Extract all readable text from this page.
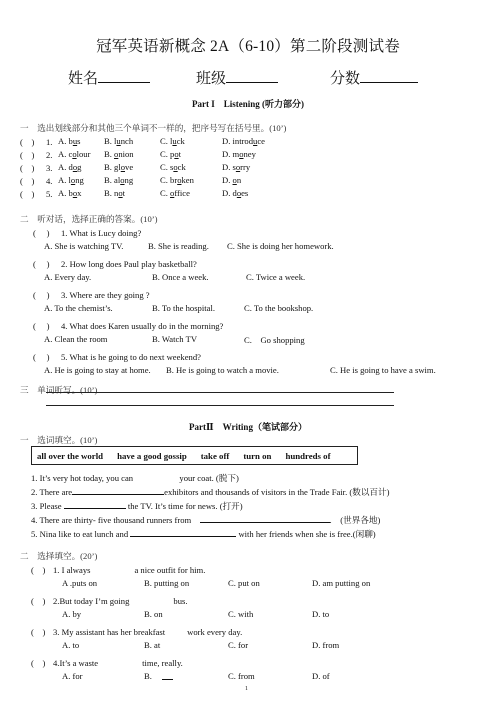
冠军英语新概念 2A（6-10）第二阶段测试卷
姓名	班级	分数
Part I　Listening (听力部分)
一　选出划线部分和其他三个单词不一样的，把序号写在括号里。(10’)
(　) 1. A. bus	B. lunch	C. luck	D. introduce
(　) 2. A. colour B. onion	C. pot	D. money
(　) 3. A. dog	B. glove	C. sock	D. sorry
(　) 4. A. long B. along	C. broken	D. on
(　) 5. A. box	B. not	C. office	D. does
二　听对话，选择正确的答案。(10’)
(　 ) 1. What is Lucy doing?
A. She is watching TV.	B. She is reading. C. She is doing her homework.
(　 ) 2. How long does Paul play basketball?
A. Every day.	B. Once a week.	C. Twice a week.
(　 ) 3. Where are they going ?
A. To the chemist’s.	B. To the hospital.	C. To the bookshop.
(　 ) 4. What does Karen usually do in the morning?
A. Clean the room	B. Watch TV	C.　Go shopping
(　 ) 5. What is he going to do next weekend?
A. He is going to stay at home. B. He is going to watch a movie.	C. He is going to have a swim.
三　单词听写。(10’)
PartⅡ　Writing（笔试部分）
一　选词填空。(10’)
all over the world have a good gossip take off turn on hundreds of
1. It’s very hot today, you can	your coat. (脱下)
2. There are	exhibitors and thousands of visitors in the Trade Fair. (数以百计)
3. Please	the TV. It’s time for news. (打开)
4. There are thirty- five thousand runners from	.　(世界各地)
5. Nina like to eat lunch and	with her friends when she is free.(闲聊)
二　选择填空。(20’)
(　) 1. I always	a nice outfit for him.
A .puts on	B. putting on	C. put on	D. am putting on
(　) 2.But today I’m going	bus.
A. by	B. on	C. with	D. to
(　) 3. My assistant has her breakfast	work every day.
A. to	B. at	C. for	D. from
(　) 4.It’s a waste	time, really.
A. for	B.	C. from	D. of
1
